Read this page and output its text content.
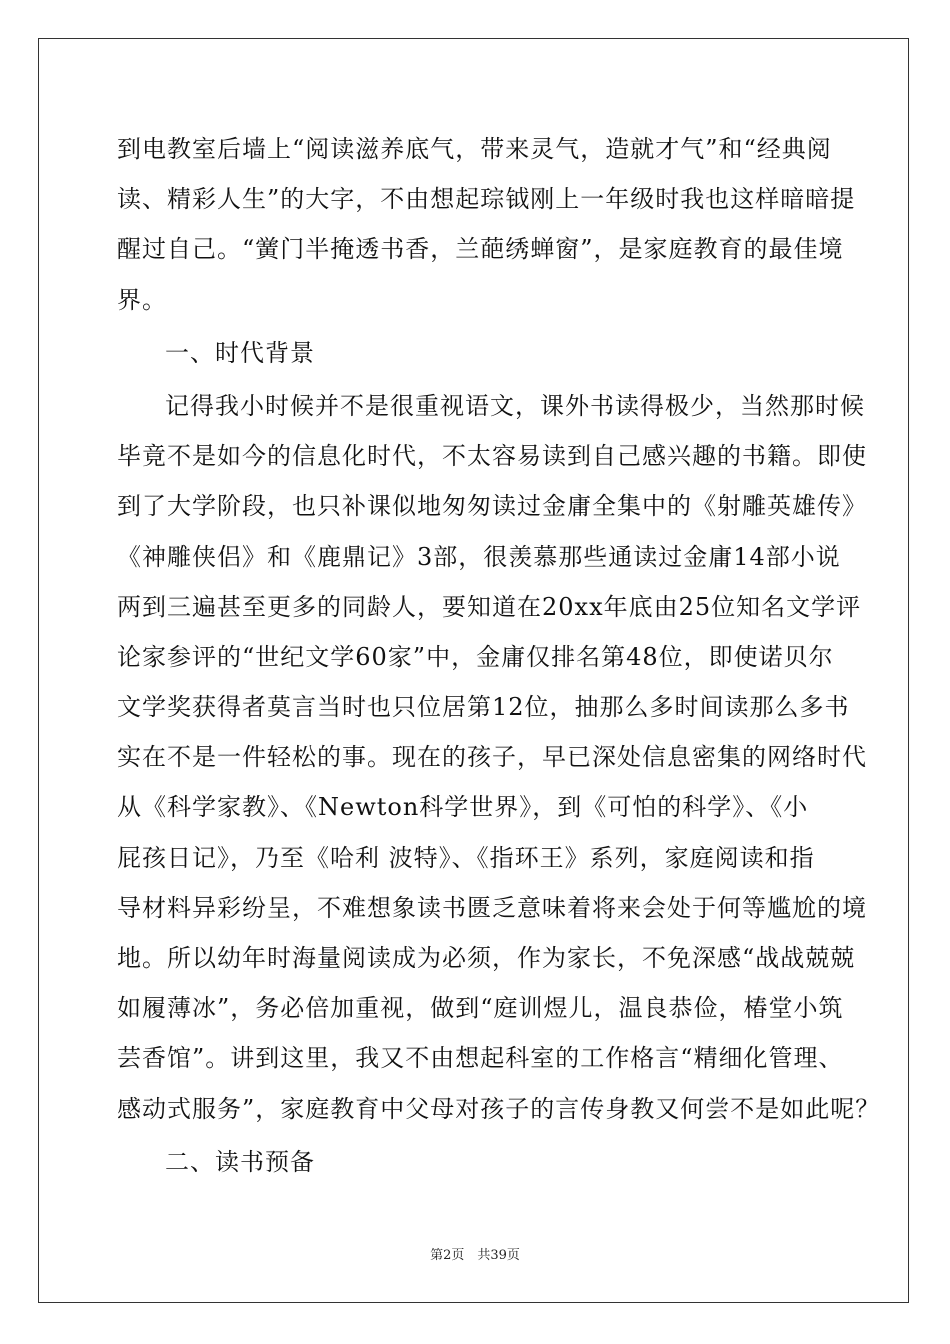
到电教室后墙上“阅读滋养底气，带来灵气，造就才气”和“经典阅
读、精彩人生”的大字，不由想起琮钺刚上一年级时我也这样暗暗提
醒过自己。“黉门半掩透书香，兰葩绣蝉窗”，是家庭教育的最佳境
界。
一、时代背景
记得我小时候并不是很重视语文，课外书读得极少，当然那时候
毕竟不是如今的信息化时代，不太容易读到自己感兴趣的书籍。即使
到了大学阶段，也只补课似地匆匆读过金庸全集中的《射雕英雄传》
《神雕侠侣》和《鹿鼎记》3部，很羡慕那些通读过金庸14部小说
两到三遍甚至更多的同龄人，要知道在20xx年底由25位知名文学评
论家参评的“世纪文学60家”中，金庸仅排名第48位，即使诺贝尔
文学奖获得者莫言当时也只位居第12位，抽那么多时间读那么多书
实在不是一件轻松的事。现在的孩子，早已深处信息密集的网络时代
从《科学家教》、《Newton科学世界》，到《可怕的科学》、《小
屁孩日记》，乃至《哈利 波特》、《指环王》系列，家庭阅读和指
导材料异彩纷呈，不难想象读书匮乏意味着将来会处于何等尴尬的境
地。所以幼年时海量阅读成为必须，作为家长，不免深感“战战兢兢
如履薄冰”，务必倍加重视，做到“庭训煜儿，温良恭俭，椿堂小筑
芸香馆”。讲到这里，我又不由想起科室的工作格言“精细化管理、
感动式服务”，家庭教育中父母对孩子的言传身教又何尝不是如此呢？
二、读书预备
第2页　共39页
